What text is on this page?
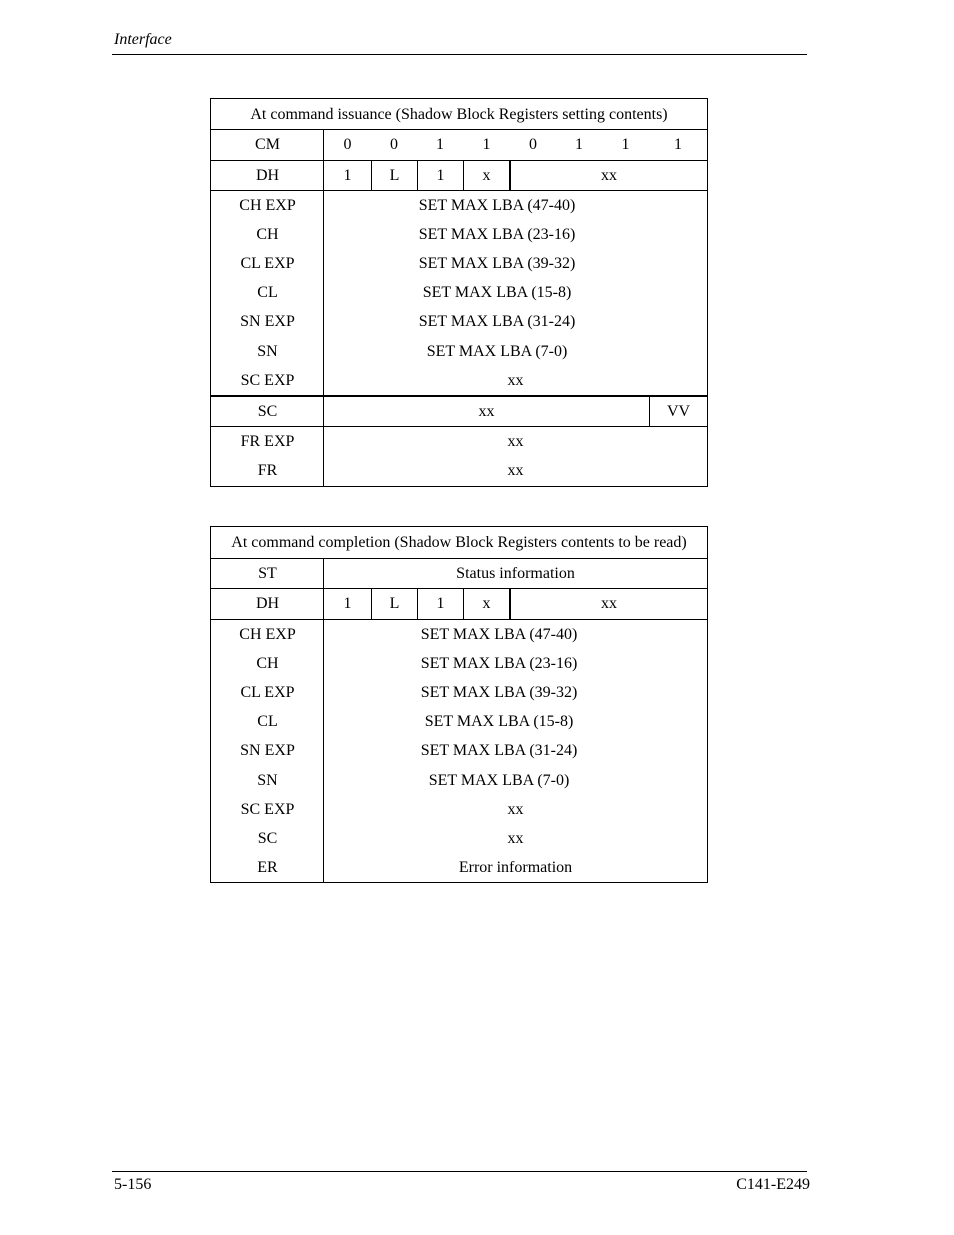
Interface
At command issuance (Shadow Block Registers setting contents)
CM	0	0	1	1	0	1	1	1
DH	1	L	1	x	xx
CH EXP	SET MAX LBA (47-40)
CH	SET MAX LBA (23-16)
CL EXP	SET MAX LBA (39-32)
CL	SET MAX LBA (15-8)
SN EXP	SET MAX LBA (31-24)
SN	SET MAX LBA (7-0)
SC EXP	xx
SC	xx	VV
FR EXP	xx
FR	xx
At command completion (Shadow Block Registers contents to be read)
ST	Status information
DH	1	L	1	x	xx
CH EXP	SET MAX LBA (47-40)
CH	SET MAX LBA (23-16)
CL EXP	SET MAX LBA (39-32)
CL	SET MAX LBA (15-8)
SN EXP	SET MAX LBA (31-24)
SN	SET MAX LBA (7-0)
SC EXP	xx
SC	xx
ER	Error information
5-156	C141-E249
